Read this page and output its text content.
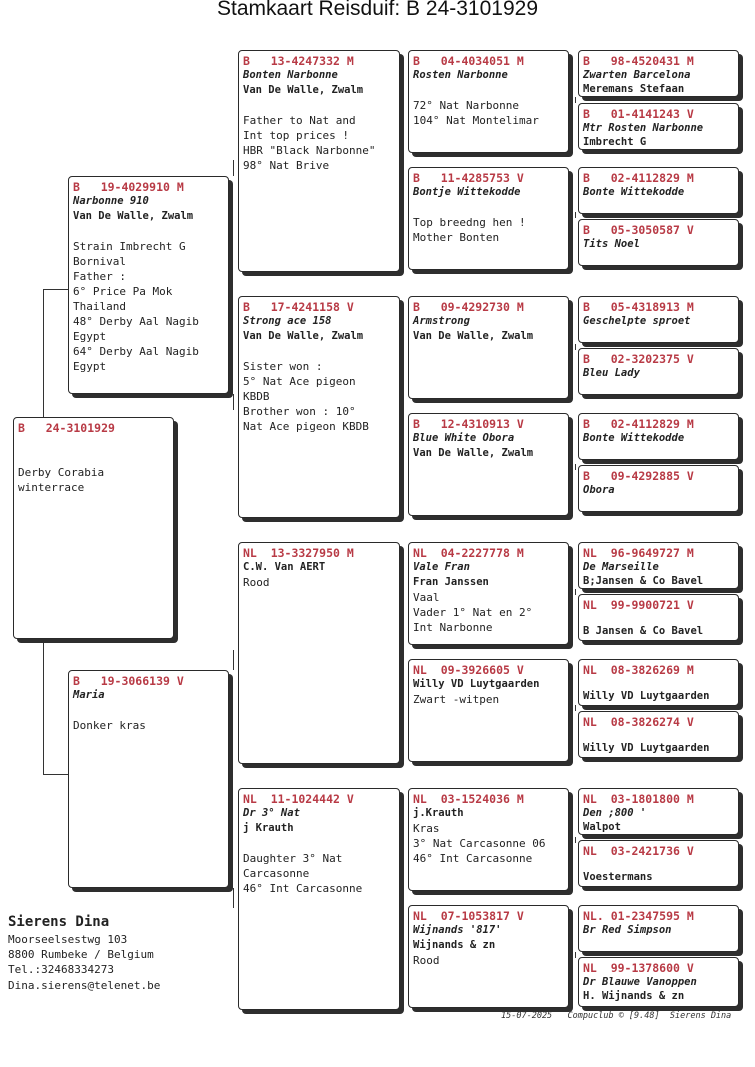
Stamkaart Reisduif: B 24-3101929
B   24-3101929
Derby Corabia
winterrace
B   19-4029910 M
Narbonne 910
Van De Walle, Zwalm
Strain Imbrecht G
Bornival
Father :
6° Price Pa Mok
Thailand
48° Derby Aal Nagib
Egypt
64° Derby Aal Nagib
Egypt
B   19-3066139 V
Maria
Donker kras
B   13-4247332 M
Bonten Narbonne
Van De Walle, Zwalm
Father to Nat and
Int top prices !
HBR "Black Narbonne"
98° Nat Brive
B   17-4241158 V
Strong ace 158
Van De Walle, Zwalm
Sister won :
5° Nat Ace pigeon
KBDB
Brother won : 10°
Nat Ace pigeon KBDB
NL  13-3327950 M
C.W. Van AERT
Rood
NL  11-1024442 V
Dr 3° Nat
j Krauth
Daughter 3° Nat
Carcasonne
46° Int Carcasonne
B   04-4034051 M
Rosten Narbonne
72° Nat Narbonne
104° Nat Montelimar
B   11-4285753 V
Bontje Wittekodde
Top breedng hen !
Mother Bonten
B   09-4292730 M
Armstrong
Van De Walle, Zwalm
B   12-4310913 V
Blue White Obora
Van De Walle, Zwalm
NL  04-2227778 M
Vale Fran
Fran Janssen
Vaal
Vader 1° Nat en 2°
Int Narbonne
NL  09-3926605 V
Willy VD Luytgaarden
Zwart -witpen
NL  03-1524036 M
j.Krauth
Kras
3° Nat Carcasonne 06
46° Int Carcasonne
NL  07-1053817 V
Wijnands '817'
Wijnands & zn
Rood
B   98-4520431 M
Zwarten Barcelona
Meremans Stefaan
B   01-4141243 V
Mtr Rosten Narbonne
Imbrecht G
B   02-4112829 M
Bonte Wittekodde
B   05-3050587 V
Tits Noel
B   05-4318913 M
Geschelpte sproet
B   02-3202375 V
Bleu Lady
B   02-4112829 M
Bonte Wittekodde
B   09-4292885 V
Obora
NL  96-9649727 M
De Marseille
B;Jansen & Co Bavel
NL  99-9900721 V
B Jansen & Co Bavel
NL  08-3826269 M
Willy VD Luytgaarden
NL  08-3826274 V
Willy VD Luytgaarden
NL  03-1801800 M
Den ;800 '
Walpot
NL  03-2421736 V
Voestermans
NL. 01-2347595 M
Br Red Simpson
NL  99-1378600 V
Dr Blauwe Vanoppen
H. Wijnands & zn
Sierens Dina
Moorseelsestwg 103
8800 Rumbeke / Belgium
Tel.:32468334273
Dina.sierens@telenet.be
15-07-2025   Compuclub © [9.48]  Sierens Dina
